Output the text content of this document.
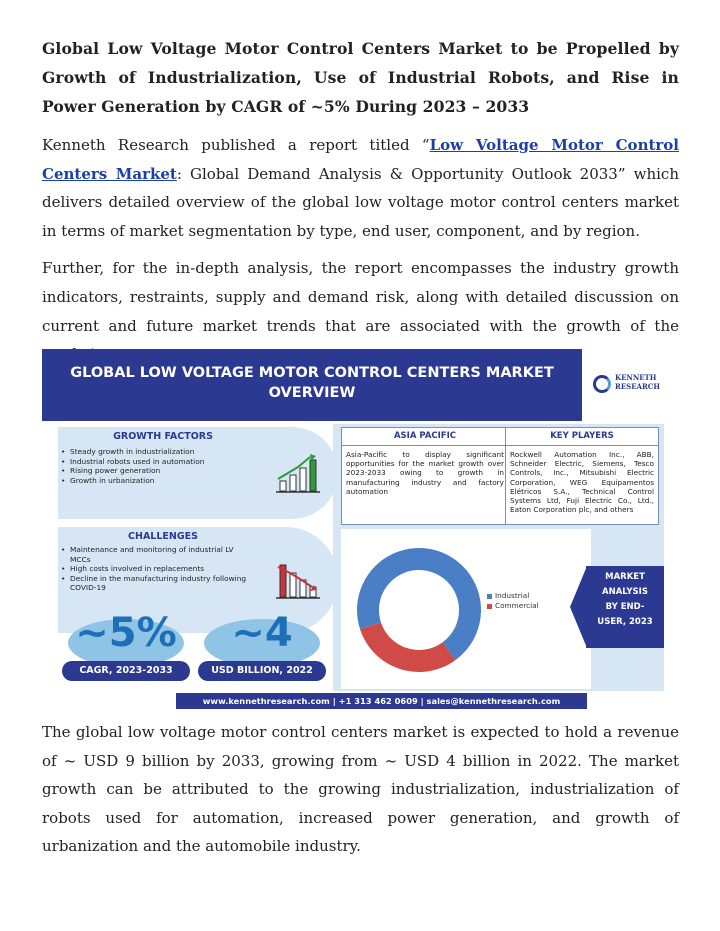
Global Low Voltage Motor Control Centers Market to be Propelled by Growth of Industrialization, Use of Industrial Robots, and Rise in Power Generation by CAGR of ~5% During 2023 – 2033

Kenneth Research published a report titled “Low Voltage Motor Control Centers Market: Global Demand Analysis & Opportunity Outlook 2033” which delivers detailed overview of the global low voltage motor control centers market in terms of market segmentation by type, end user, component, and by region.

Further, for the in-depth analysis, the report encompasses the industry growth indicators, restraints, supply and demand risk, along with detailed discussion on current and future market trends that are associated with the growth of the

GLOBAL LOW VOLTAGE MOTOR CONTROL CENTERS MARKET
OVERVIEW
KENNETH
RESEARCH
GROWTH FACTORS
• Steady growth in industrialization
• Industrial robots used in automation
• Rising power generation
• Growth in urbanization
CHALLENGES
• Maintenance and monitoring of industrial LV MCCs
• High costs involved in replacements
• Decline in the manufacturing industry following COVID-19
~5%
CAGR, 2023-2033
~4
USD BILLION, 2022
ASIA PACIFIC
Asia-Pacific to display significant opportunities for the market growth over 2023-2033 owing to growth in manufacturing industry and factory automation
KEY PLAYERS
Rockwell Automation Inc., ABB, Schneider Electric, Siemens, Tesco Controls, Inc., Mitsubishi Electric Corporation, WEG Equipamentos Elétricos S.A., Technical Control Systems Ltd, Fuji Electric Co., Ltd., Eaton Corporation plc, and others
Industrial
Commercial
MARKET
ANALYSIS
BY END-
USER, 2023
www.kennethresearch.com | +1 313 462 0609 | sales@kennethresearch.com

The global low voltage motor control centers market is expected to hold a revenue of ~ USD 9 billion by 2033, growing from ~ USD 4 billion in 2022. The market growth can be attributed to the growing industrialization, industrialization of robots used for automation, increased power generation, and growth of urbanization and the automobile industry.
